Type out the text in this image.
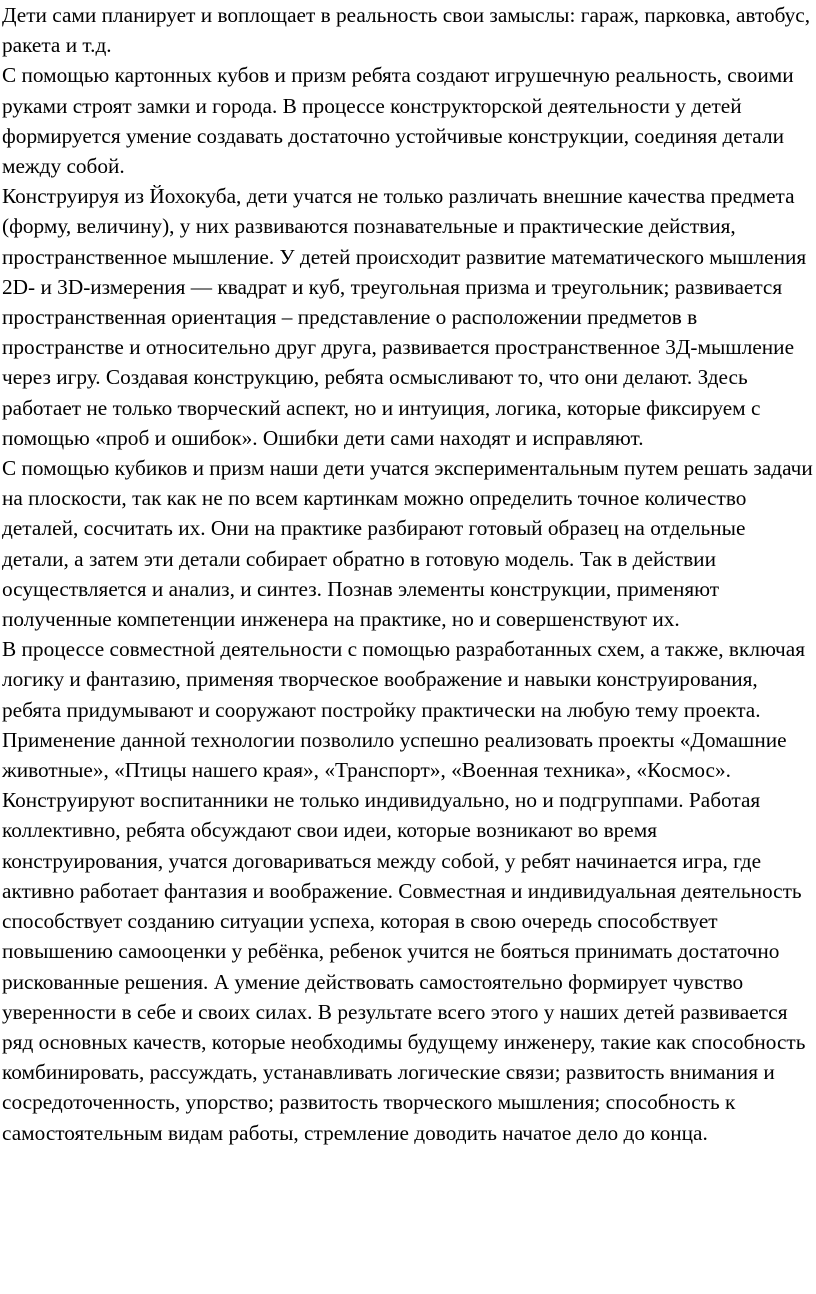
Дети сами планирует и воплощает в реальность свои замыслы: гараж, парковка, автобус, ракета и т.д.

С помощью картонных кубов и призм ребята создают игрушечную реальность, своими руками строят замки и города. В процессе конструкторской деятельности у детей формируется умение создавать достаточно устойчивые конструкции, соединяя детали между собой.

Конструируя из Йохокуба, дети учатся не только различать внешние качества предмета (форму, величину), у них развиваются познавательные и практические действия, пространственное мышление. У детей происходит развитие математического мышления 2D- и 3D-измерения — квадрат и куб, треугольная призма и треугольник; развивается пространственная ориентация – представление о расположении предметов в пространстве и относительно друг друга, развивается пространственное 3Д-мышление через игру. Создавая конструкцию, ребята осмысливают то, что они делают. Здесь работает не только творческий аспект, но и интуиция, логика, которые фиксируем с помощью «проб и ошибок». Ошибки дети сами находят и исправляют.

С помощью кубиков и призм наши дети учатся экспериментальным путем решать задачи на плоскости, так как не по всем картинкам можно определить точное количество деталей, сосчитать их. Они на практике разбирают готовый образец на отдельные детали, а затем эти детали собирает обратно в готовую модель. Так в действии осуществляется и анализ, и синтез. Познав элементы конструкции, применяют полученные компетенции инженера на практике, но и совершенствуют их.

В процессе совместной деятельности с помощью разработанных схем, а также, включая логику и фантазию, применяя творческое воображение и навыки конструирования, ребята придумывают и сооружают постройку практически на любую тему проекта. Применение данной технологии позволило успешно реализовать проекты «Домашние животные», «Птицы нашего края», «Транспорт», «Военная техника», «Космос».

Конструируют воспитанники не только индивидуально, но и подгруппами. Работая коллективно, ребята обсуждают свои идеи, которые возникают во время конструирования, учатся договариваться между собой, у ребят начинается игра, где активно работает фантазия и воображение. Совместная и индивидуальная деятельность способствует созданию ситуации успеха, которая в свою очередь способствует повышению самооценки у ребёнка, ребенок учится не бояться принимать достаточно рискованные решения. А умение действовать самостоятельно формирует чувство уверенности в себе и своих силах. В результате всего этого у наших детей развивается ряд основных качеств, которые необходимы будущему инженеру, такие как способность комбинировать, рассуждать, устанавливать логические связи; развитость внимания и сосредоточенность, упорство; развитость творческого мышления; способность к самостоятельным видам работы, стремление доводить начатое дело до конца.
